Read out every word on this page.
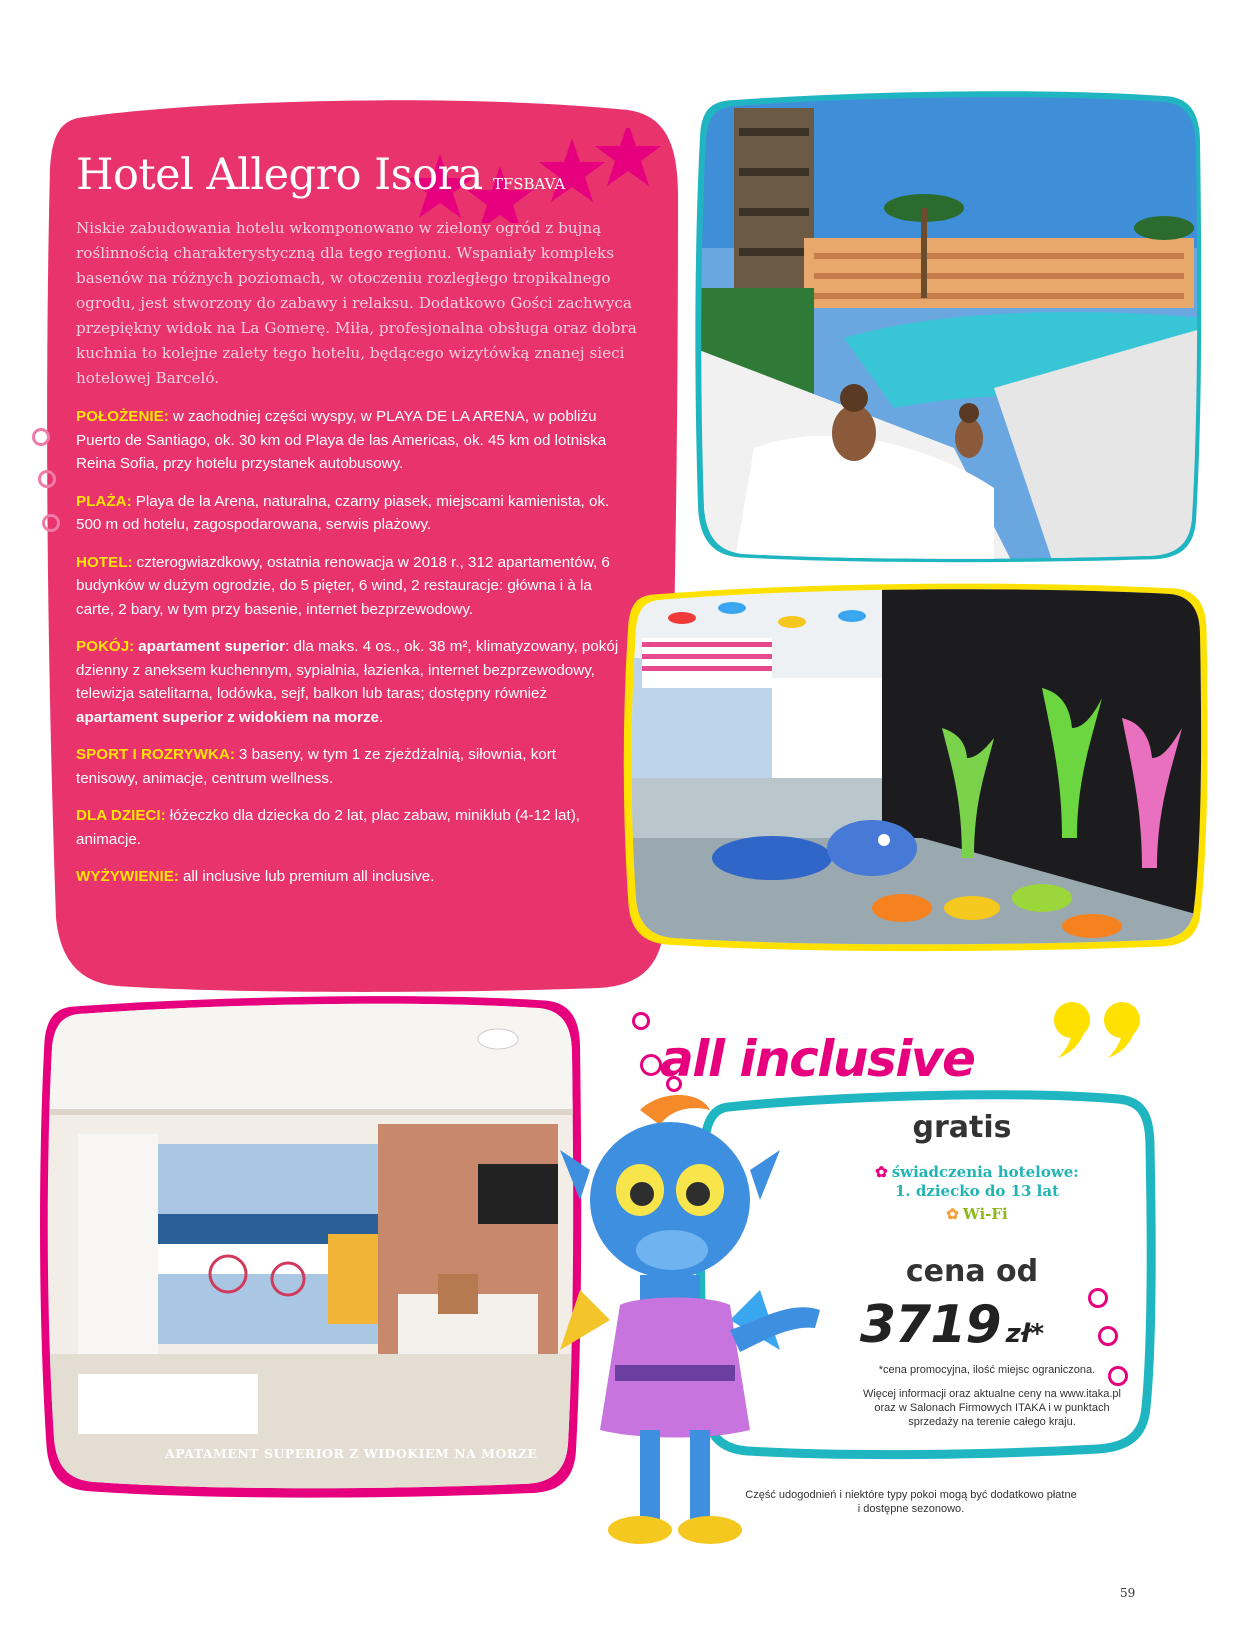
Hotel Allegro Isora TFSBAVA

Niskie zabudowania hotelu wkomponowano w zielony ogród z bujną roślinnością charakterystyczną dla tego regionu. Wspaniały kompleks basenów na różnych poziomach, w otoczeniu rozległego tropikalnego ogrodu, jest stworzony do zabawy i relaksu. Dodatkowo Gości zachwyca przepiękny widok na La Gomerę. Miła, profesjonalna obsługa oraz dobra kuchnia to kolejne zalety tego hotelu, będącego wizytówką znanej sieci hotelowej Barceló.

POŁOŻENIE: w zachodniej części wyspy, w PLAYA DE LA ARENA, w pobliżu Puerto de Santiago, ok. 30 km od Playa de las Americas, ok. 45 km od lotniska Reina Sofia, przy hotelu przystanek autobusowy.

PLAŻA: Playa de la Arena, naturalna, czarny piasek, miejscami kamienista, ok. 500 m od hotelu, zagospodarowana, serwis plażowy.

HOTEL: czterogwiazdkowy, ostatnia renowacja w 2018 r., 312 apartamentów, 6 budynków w dużym ogrodzie, do 5 pięter, 6 wind, 2 restauracje: główna i à la carte, 2 bary, w tym przy basenie, internet bezprzewodowy.

POKÓJ: apartament superior: dla maks. 4 os., ok. 38 m², klimatyzowany, pokój dzienny z aneksem kuchennym, sypialnia, łazienka, internet bezprzewodowy, telewizja satelitarna, lodówka, sejf, balkon lub taras; dostępny również apartament superior z widokiem na morze.

SPORT I ROZRYWKA: 3 baseny, w tym 1 ze zjeżdżalnią, siłownia, kort tenisowy, animacje, centrum wellness.

DLA DZIECI: łóżeczko dla dziecka do 2 lat, plac zabaw, miniklub (4-12 lat), animacje.

WYŻYWIENIE: all inclusive lub premium all inclusive.

APATAMENT SUPERIOR Z WIDOKIEM NA MORZE
all inclusive
gratis
✿ świadczenia hotelowe:
1. dziecko do 13 lat
✿ Wi-Fi
cena od
3719 zł*
*cena promocyjna, ilość miejsc ograniczona.
Więcej informacji oraz aktualne ceny na www.itaka.pl
oraz w Salonach Firmowych ITAKA i w punktach
sprzedaży na terenie całego kraju.
Część udogodnień i niektóre typy pokoi mogą być dodatkowo płatne
i dostępne sezonowo.
59
